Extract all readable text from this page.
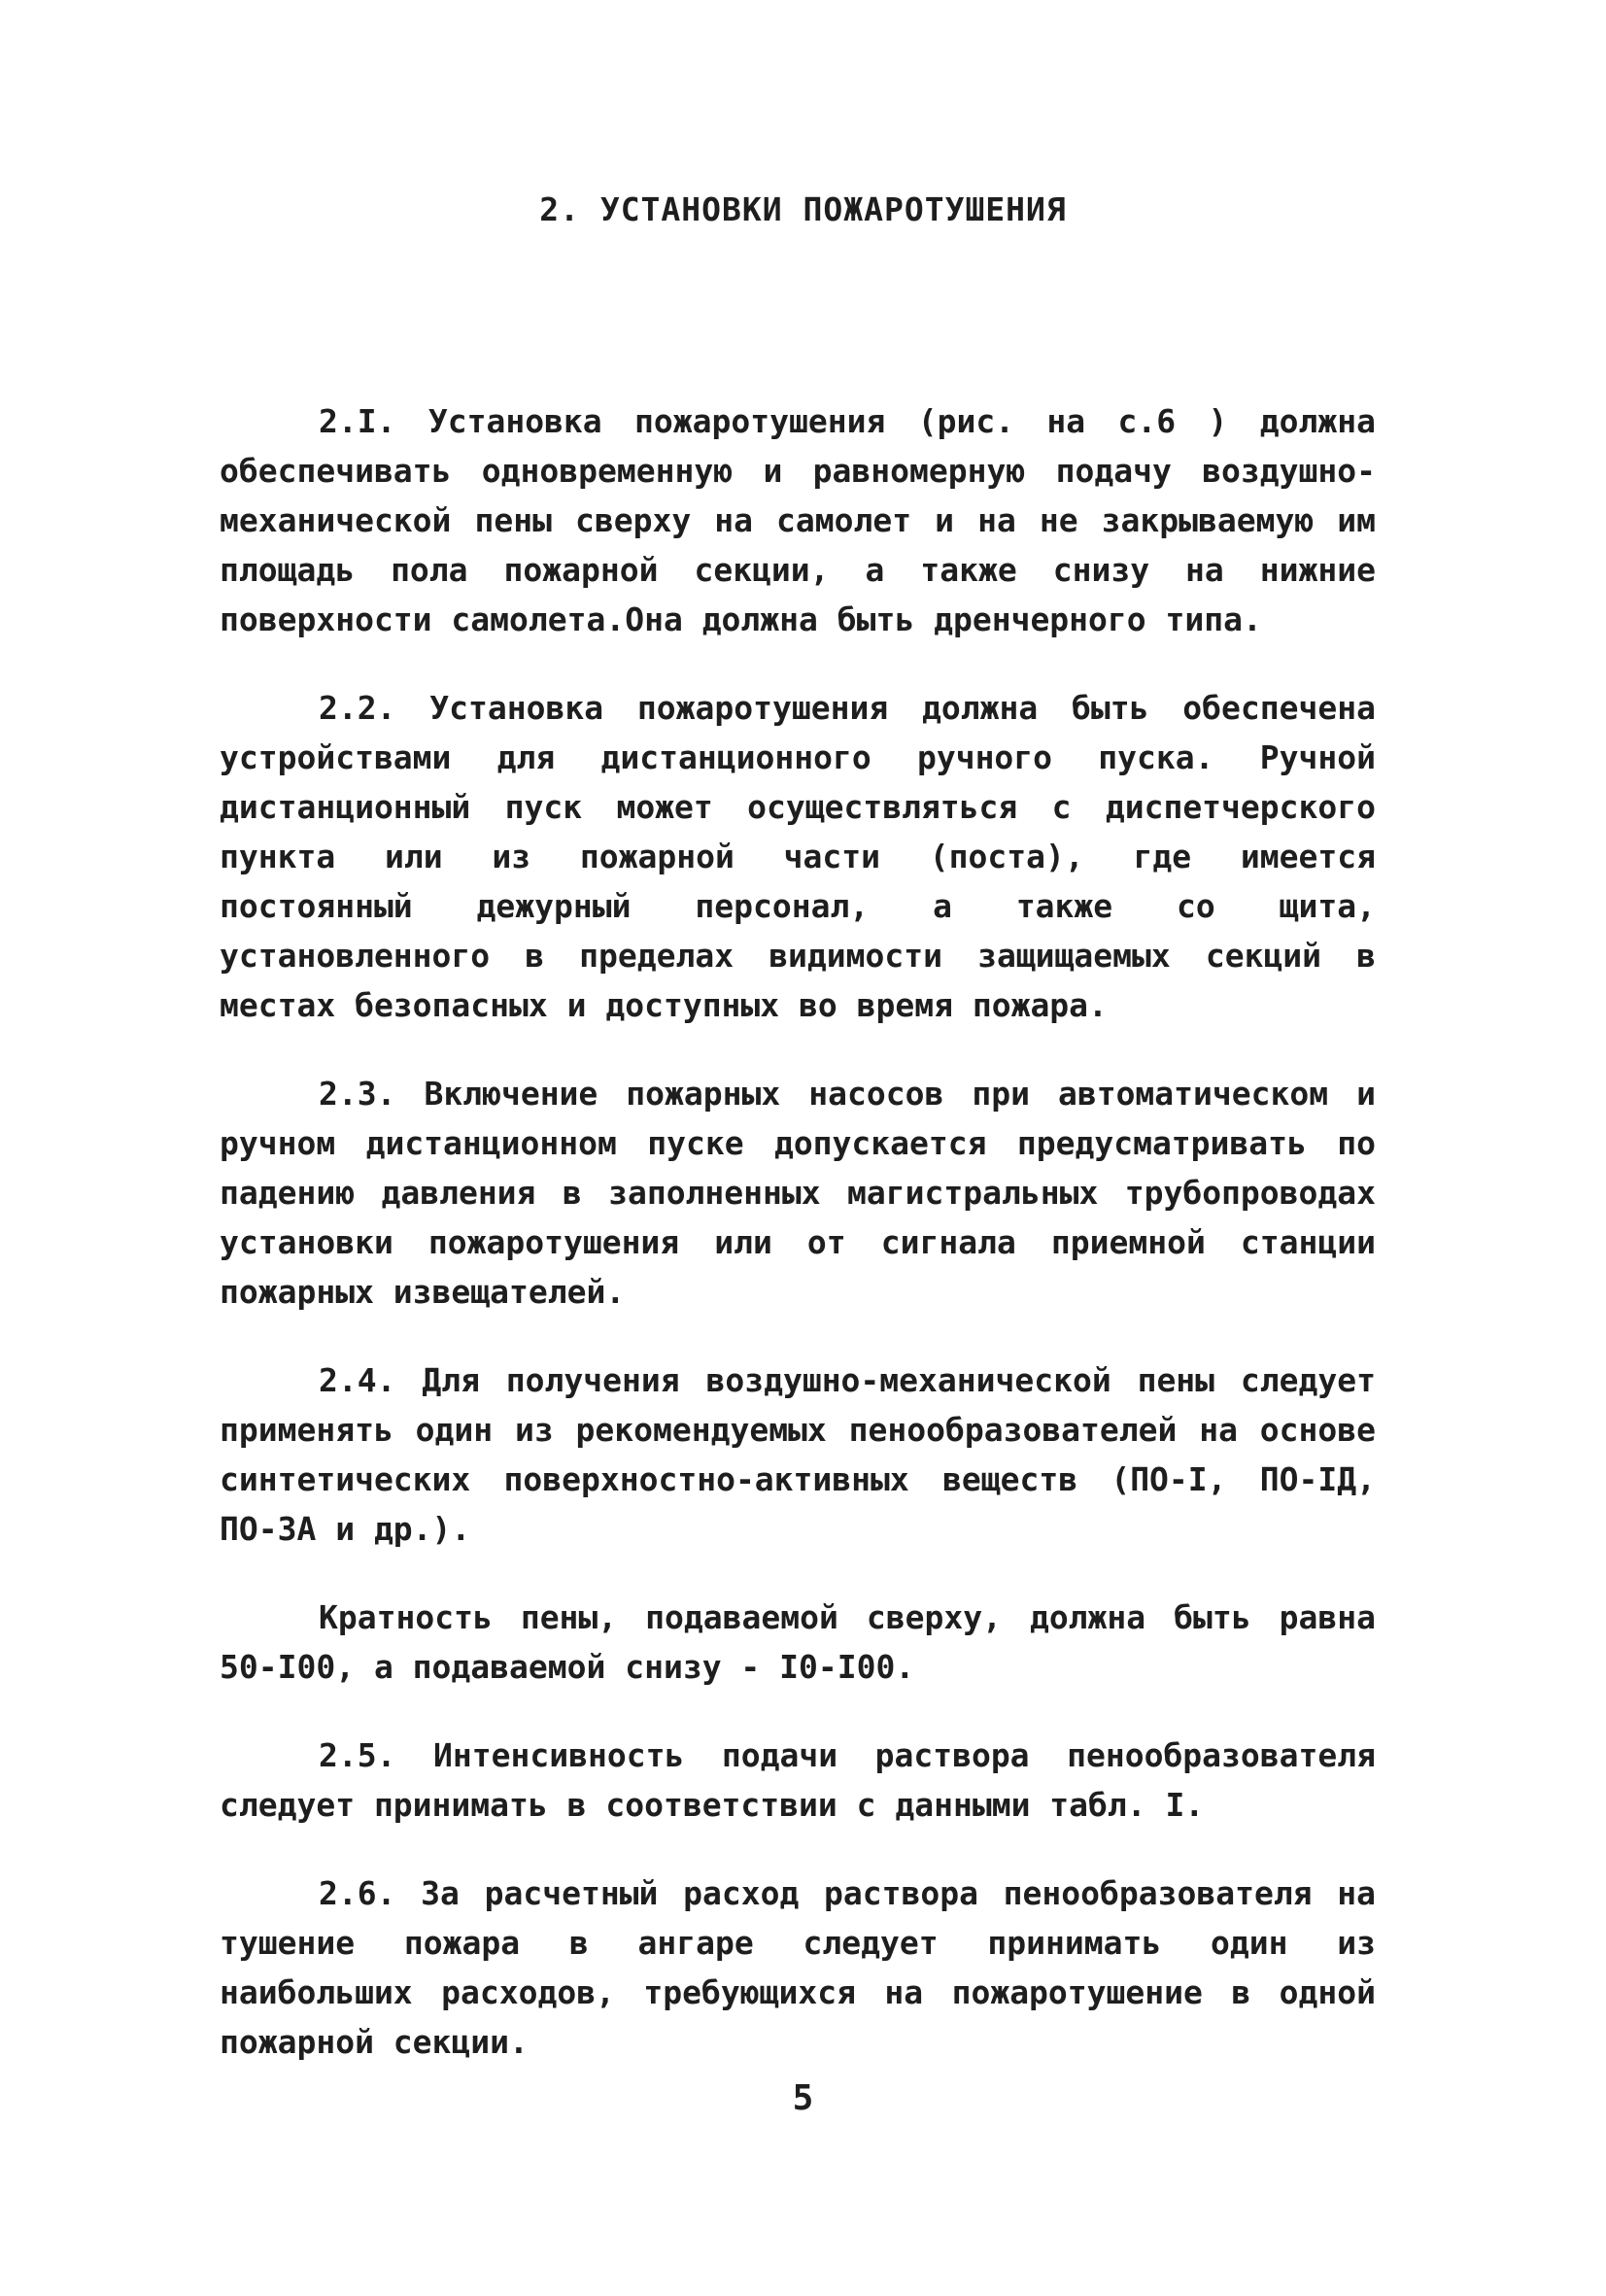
2. УСТАНОВКИ ПОЖАРОТУШЕНИЯ

2.I. Установка пожаротушения (рис. на с.6 ) должна обеспечивать одновременную и равномерную подачу воздушно-механической пены сверху на самолет и на не закрываемую им площадь пола пожарной секции, а также снизу на нижние поверхности самолета.Она должна быть дренчерного типа.

2.2. Установка пожаротушения должна быть обеспечена устройствами для дистанционного ручного пуска. Ручной дистанционный пуск может осуществляться с диспетчерского пункта или из пожарной части (поста), где имеется постоянный дежурный персонал, а также со щита, установленного в пределах видимости защищаемых секций в местах безопасных и доступных во время пожара.

2.3. Включение пожарных насосов при автоматическом и ручном дистанционном пуске допускается предусматривать по падению давления в заполненных магистральных трубопроводах установки пожаротушения или от сигнала приемной станции пожарных извещателей.

2.4. Для получения воздушно-механической пены следует применять один из рекомендуемых пенообразователей на основе синтетических поверхностно-активных веществ (ПО-I, ПО-IД, ПО-3А и др.).

Кратность пены, подаваемой сверху, должна быть равна 50-I00, а подаваемой снизу - I0-I00.

2.5. Интенсивность подачи раствора пенообразователя следует принимать в соответствии с данными табл. I.

2.6. За расчетный расход раствора пенообразователя на тушение пожара в ангаре следует принимать один из наибольших расходов, требующихся на пожаротушение в одной пожарной секции.

5
